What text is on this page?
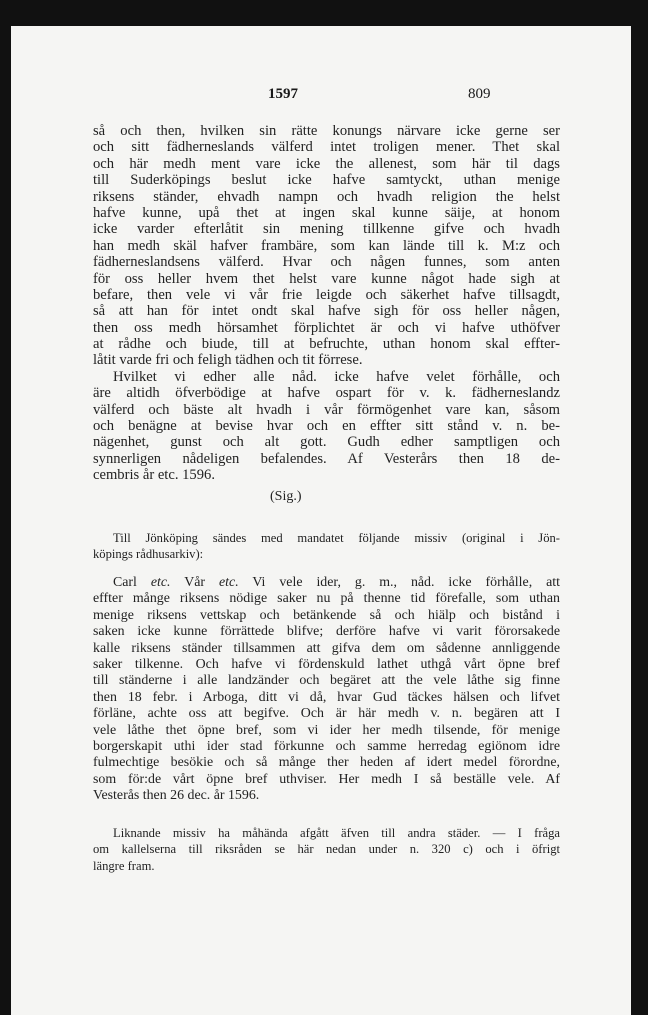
1597	809
så och then, hvilken sin rätte konungs närvare icke gerne ser
och sitt fädherneslands välferd intet troligen mener. Thet skal
och här medh ment vare icke the allenest, som här til dags
till Suderköpings beslut icke hafve samtyckt, uthan menige
riksens ständer, ehvadh nampn och hvadh religion the helst
hafve kunne, upå thet at ingen skal kunne säije, at honom
icke varder efterlåtit sin mening tillkenne gifve och hvadh
han medh skäl hafver frambäre, som kan lände till k. M:z och
fädherneslandsens välferd. Hvar och någen funnes, som anten
för oss heller hvem thet helst vare kunne något hade sigh at
befare, then vele vi vår frie leigde och säkerhet hafve tillsagdt,
så att han för intet ondt skal hafve sigh för oss heller någen,
then oss medh hörsamhet förplichtet är och vi hafve uthöfver
at rådhe och biude, till at befruchte, uthan honom skal effter-
låtit varde fri och feligh tädhen och tit förrese.
Hvilket vi edher alle nåd. icke hafve velet förhålle, och
äre altidh öfverbödige at hafve ospart för v. k. fädherneslandz
välferd och bäste alt hvadh i vår förmögenhet vare kan, såsom
och benägne at bevise hvar och en effter sitt stånd v. n. be-
nägenhet, gunst och alt gott. Gudh edher samptligen och
synnerligen nådeligen befalendes. Af Vesterårs then 18 de-
cembris år etc. 1596.
(Sig.)
Till Jönköping sändes med mandatet följande missiv (original i Jön-
köpings rådhusarkiv):
Carl etc. Vår etc. Vi vele ider, g. m., nåd. icke förhålle, att
effter månge riksens nödige saker nu på thenne tid förefalle, som uthan
menige riksens vettskap och betänkende så och hiälp och bistånd i
saken icke kunne förrättede blifve; derföre hafve vi varit förorsakede
kalle riksens ständer tillsammen att gifva dem om sådenne annliggende
saker tilkenne. Och hafve vi fördenskuld lathet uthgå vårt öpne bref
till ständerne i alle landzänder och begäret att the vele låthe sig finne
then 18 febr. i Arboga, ditt vi då, hvar Gud täckes hälsen och lifvet
förläne, achte oss att begifve. Och är här medh v. n. begären att I
vele låthe thet öpne bref, som vi ider her medh tilsende, för menige
borgerskapit uthi ider stad förkunne och samme herredag egiönom idre
fulmechtige besökie och så månge ther heden af idert medel förordne,
som för:de vårt öpne bref uthviser. Her medh I så beställe vele. Af
Vesterås then 26 dec. år 1596.
Liknande missiv ha måhända afgått äfven till andra städer. — I fråga
om kallelserna till riksråden se här nedan under n. 320 c) och i öfrigt
längre fram.
